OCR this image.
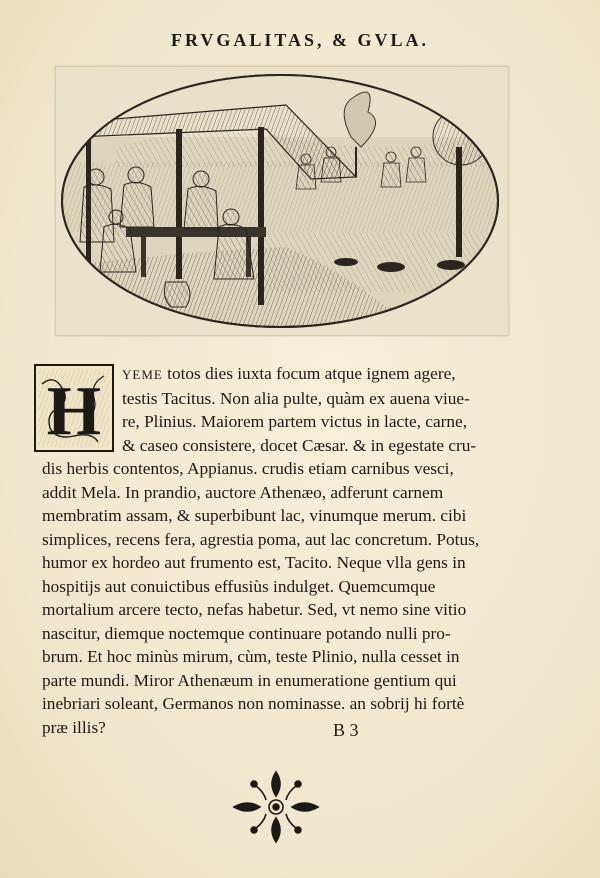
FRVGALITAS, & GVLA.
H	YEME totos dies iuxta focum atque ignem agere,
testis Tacitus. Non alia pulte, quàm ex auena viue-
re, Plinius. Maiorem partem victus in lacte, carne,
& caseo consistere, docet Cæsar. & in egestate cru-
dis herbis contentos, Appianus. crudis etiam carnibus vesci,
addit Mela. In prandio, auctore Athenæo, adferunt carnem
membratim assam, & superbibunt lac, vinumque merum. cibi
simplices, recens fera, agrestia poma, aut lac concretum. Potus,
humor ex hordeo aut frumento est, Tacito. Neque vlla gens in
hospitijs aut conuictibus effusiùs indulget. Quemcumque
mortalium arcere tecto, nefas habetur. Sed, vt nemo sine vitio
nascitur, diemque noctemque continuare potando nulli pro-
brum. Et hoc minùs mirum, cùm, teste Plinio, nulla cesset in
parte mundi. Miror Athenæum in enumeratione gentium qui
inebriari soleant, Germanos non nominasse. an sobrij hi fortè
præ illis?	B 3
